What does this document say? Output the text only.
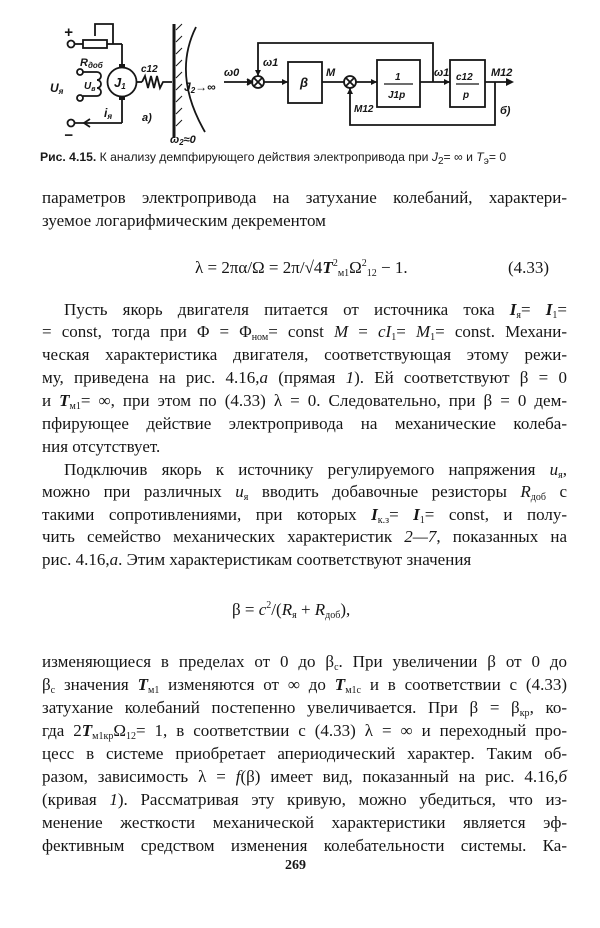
+
−
Rдоб
Uя $U_в$ J1
iя
c12
J2→∞
ω2≈0
a)
ω0
ω1
β
M	1
J1p
ω1 c12
p
M12
M12	б)
Рис. 4.15. К анализу демпфирующего действия электропривода при $J_2=$ ∞ и $T_э= 0$
параметров электропривода на затухание колебаний, характери-
зуемое логарифмическим декрементом
Пусть якорь двигателя питается от источника тока $I_я= I_1=$
= const, тогда при $\Phi = \Phi_{ном}=$ const $M = cI_1= M_1=$ const. Механи-
ческая характеристика двигателя, соответствующая этому режи-
му, приведена на рис. 4.16,а (прямая 1). Ей соответствуют β = 0
и $T_{м1}=$ ∞, при этом по (4.33) λ = 0. Следовательно, при β = 0 дем-
пфирующее действие электропривода на механические колеба-
ния отсутствует.
Подключив якорь к источнику регулируемого напряжения $u_я$,
можно при различных $u_я$ вводить добавочные резисторы $R_{доб}$ с
такими сопротивлениями, при которых $I_{к.з}= I_1=$ const, и полу-
чить семейство механических характеристик 2—7, показанных на
рис. 4.16,а. Этим характеристикам соответствуют значения
изменяющиеся в пределах от 0 до $\beta_c$. При увеличении β от 0 до
$\beta_c$ значения $T_{м1}$ изменяются от ∞ до $T_{м1c}$ и в соответствии с (4.33)
затухание колебаний постепенно увеличивается. При $\beta = \beta_{кр}$, ко-
гда $2T_{м1кр}\Omega_{12}= 1$, в соответствии с (4.33) λ = ∞ и переходный про-
цесс в системе приобретает апериодический характер. Таким об-
разом, зависимость λ = f(β) имеет вид, показанный на рис. 4.16,б
(кривая 1). Рассматривая эту кривую, можно убедиться, что из-
менение жесткости механической характеристики является эф-
фективным средством изменения колебательности системы. Ка-
$\lambda = 2\pi\alpha/\Omega = 2\pi/√4T^2_{м1}\Omega^2_{12} - 1$.	(4.33)
$\beta = c^2/(R_я + R_{доб})$,
269
